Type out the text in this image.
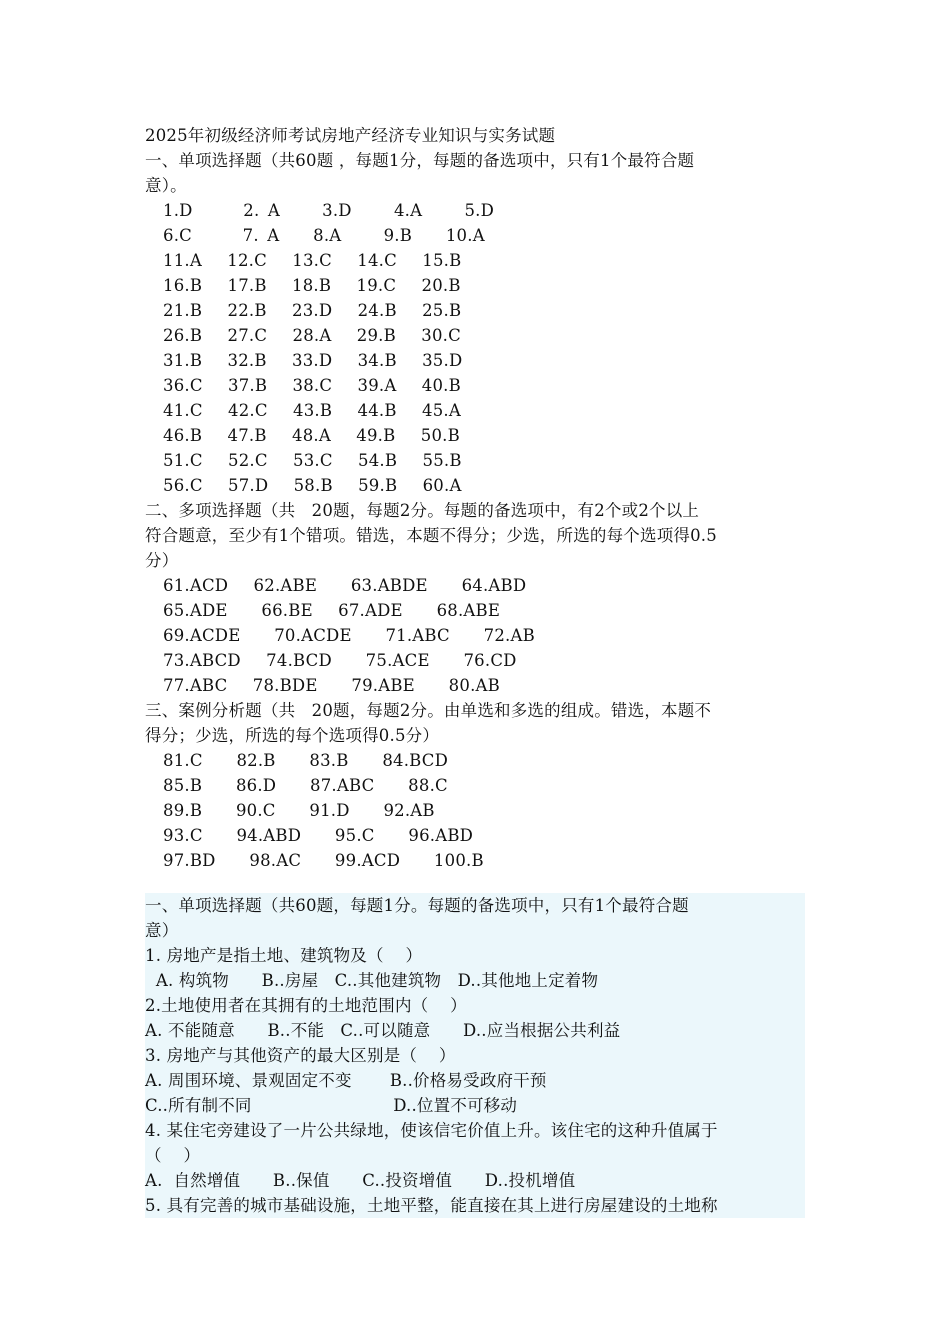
2025年初级经济师考试房地产经济专业知识与实务试题
一、单项选择题（共60题 ，每题1分，每题的备选项中，只有1个最符合题
意）。
1.D      2. A     3.D     4.A     5.D
6.C      7. A    8.A     9.B    10.A
11.A   12.C   13.C   14.C   15.B
16.B   17.B   18.B   19.C   20.B
21.B   22.B   23.D   24.B   25.B
26.B   27.C   28.A   29.B   30.C
31.B   32.B   33.D   34.B   35.D
36.C   37.B   38.C   39.A   40.B
41.C   42.C   43.B   44.B   45.A
46.B   47.B   48.A   49.B   50.B
51.C   52.C   53.C   54.B   55.B
56.C   57.D   58.B   59.B   60.A
二、多项选择题（共   20题，每题2分。每题的备选项中，有2个或2个以上
符合题意，至少有1个错项。错选，本题不得分；少选，所选的每个选项得0.5
分）
61.ACD   62.ABE    63.ABDE    64.ABD
65.ADE    66.BE   67.ADE    68.ABE
69.ACDE    70.ACDE    71.ABC    72.AB
73.ABCD   74.BCD    75.ACE    76.CD
77.ABC   78.BDE    79.ABE    80.AB
三、案例分析题（共   20题，每题2分。由单选和多选的组成。错选，本题不
得分；少选，所选的每个选项得0.5分）
81.C    82.B    83.B    84.BCD
85.B    86.D    87.ABC    88.C
89.B    90.C    91.D    92.AB
93.C    94.ABD    95.C    96.ABD
97.BD    98.AC    99.ACD    100.B
一、单项选择题（共60题，每题1分。每题的备选项中，只有1个最符合题
意）
1. 房地产是指土地、建筑物及（    ）
A. 构筑物      B..房屋   C..其他建筑物   D..其他地上定着物
2.土地使用者在其拥有的土地范围内（    ）
A. 不能随意      B..不能   C..可以随意      D..应当根据公共利益
3. 房地产与其他资产的最大区别是（    ）
A. 周围环境、景观固定不变       B..价格易受政府干预
C..所有制不同                          D..位置不可移动
4. 某住宅旁建设了一片公共绿地，使该信宅价值上升。该住宅的这种升值属于
（    ）
A.  自然增值      B..保值      C..投资增值      D..投机增值
5. 具有完善的城市基础设施，土地平整，能直接在其上进行房屋建设的土地称
